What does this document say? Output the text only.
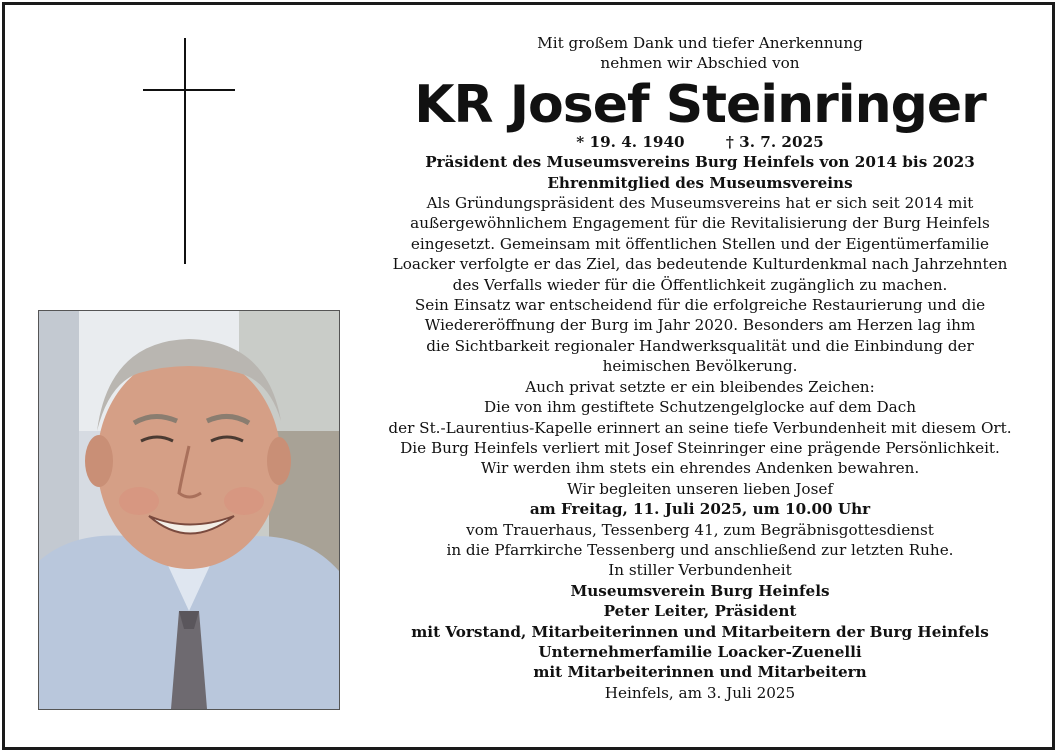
Mit großem Dank und tiefer Anerkennung
nehmen wir Abschied von
KR Josef Steinringer
* 19. 4. 1940	† 3. 7. 2025
Präsident des Museumsvereins Burg Heinfels von 2014 bis 2023
Ehrenmitglied des Museumsvereins
Als Gründungspräsident des Museumsvereins hat er sich seit 2014 mit
außergewöhnlichem Engagement für die Revitalisierung der Burg Heinfels
eingesetzt. Gemeinsam mit öffentlichen Stellen und der Eigentümerfamilie
Loacker verfolgte er das Ziel, das bedeutende Kulturdenkmal nach Jahrzehnten
des Verfalls wieder für die Öffentlichkeit zugänglich zu machen.
Sein Einsatz war entscheidend für die erfolgreiche Restaurierung und die
Wiedereröffnung der Burg im Jahr 2020. Besonders am Herzen lag ihm
die Sichtbarkeit regionaler Handwerksqualität und die Einbindung der
heimischen Bevölkerung.
Auch privat setzte er ein bleibendes Zeichen:
Die von ihm gestiftete Schutzengelglocke auf dem Dach
der St.-Laurentius-Kapelle erinnert an seine tiefe Verbundenheit mit diesem Ort.
Die Burg Heinfels verliert mit Josef Steinringer eine prägende Persönlichkeit.
Wir werden ihm stets ein ehrendes Andenken bewahren.
Wir begleiten unseren lieben Josef
am Freitag, 11. Juli 2025, um 10.00 Uhr
vom Trauerhaus, Tessenberg 41, zum Begräbnisgottesdienst
in die Pfarrkirche Tessenberg und anschließend zur letzten Ruhe.
In stiller Verbundenheit
Museumsverein Burg Heinfels
Peter Leiter, Präsident
mit Vorstand, Mitarbeiterinnen und Mitarbeitern der Burg Heinfels
Unternehmerfamilie Loacker-Zuenelli
mit Mitarbeiterinnen und Mitarbeitern
Heinfels, am 3. Juli 2025
